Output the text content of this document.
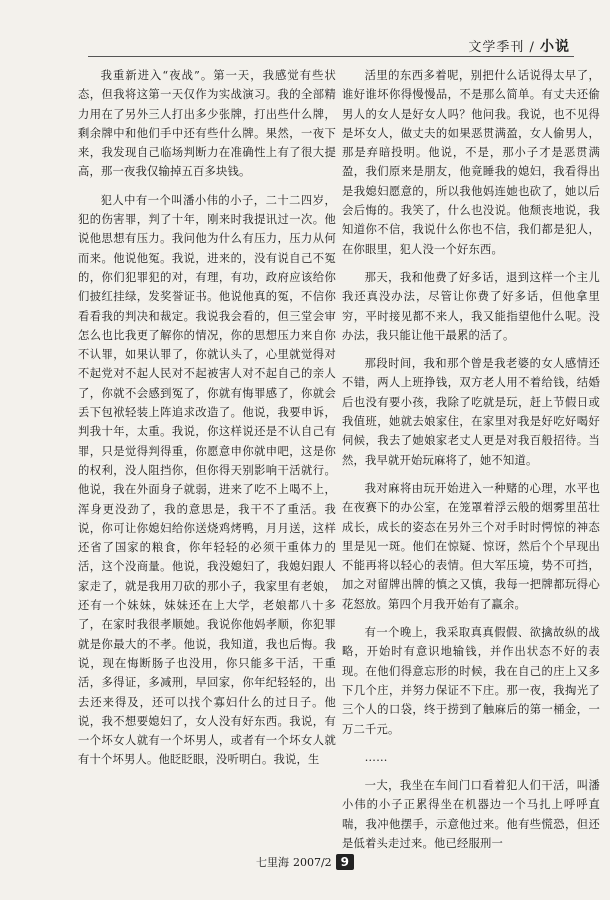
文学季刊 / 小说

我重新进入“夜战”。第一天，我感觉有些状态，但我将这第一天仅作为实战演习。我的全部精力用在了另外三人打出多少张牌，打出些什么牌，剩余牌中和他们手中还有些什么牌。果然，一夜下来，我发现自己临场判断力在准确性上有了很大提高，那一夜我仅输掉五百多块钱。

犯人中有一个叫潘小伟的小子，二十二四岁，犯的伤害罪，判了十年，刚来时我提讯过一次。他说他思想有压力。我问他为什么有压力，压力从何而来。他说他冤。我说，进来的，没有说自己不冤的，你们犯罪犯的对，有理，有功，政府应该给你们披红挂绿，发奖誉证书。他说他真的冤，不信你看看我的判决和裁定。我说我会看的，但三堂会审怎么也比我更了解你的情况，你的思想压力来自你不认罪，如果认罪了，你就认头了，心里就觉得对不起党对不起人民对不起被害人对不起自己的亲人了，你就不会感到冤了，你就有悔罪感了，你就会丢下包袱轻装上阵追求改造了。他说，我要申诉，判我十年，太重。我说，你这样说还是不认自己有罪，只是觉得判得重，你愿意申你就申吧，这是你的权利，没人阻挡你，但你得天别影响干活就行。他说，我在外面身子就弱，进来了吃不上喝不上，浑身更没劲了，我的意思是，我干不了重活。我说，你可让你媳妇给你送烧鸡烤鸭，月月送，这样还省了国家的粮食，你年轻轻的必须干重体力的活，这个没商量。他说，我没媳妇了，我媳妇跟人家走了，就是我用刀砍的那小子，我家里有老娘，还有一个妹妹，妹妹还在上大学，老娘都八十多了，在家时我很孝顺她。我说你他妈孝顺，你犯罪就是你最大的不孝。他说，我知道，我也后悔。我说，现在悔断肠子也没用，你只能多干活，干重活，多得证，多减刑，早回家，你年纪轻轻的，出去还来得及，还可以找个寡妇什么的过日子。他说，我不想要媳妇了，女人没有好东西。我说，有一个坏女人就有一个坏男人，或者有一个坏女人就有十个坏男人。他眨眨眼，没听明白。我说，生

活里的东西多着呢，别把什么话说得太早了，谁好谁坏你得慢慢品，不是那么简单。有丈夫还偷男人的女人是好女人吗？他问我。我说，也不见得是坏女人，做丈夫的如果恶贯满盈，女人偷男人，那是弃暗投明。他说，不是，那小子才是恶贯满盈，我们原来是朋友，他竟睡我的媳妇，我看得出是我媳妇愿意的，所以我他妈连她也砍了，她以后会后悔的。我笑了，什么也没说。他颓丧地说，我知道你不信，我说什么你也不信，我们都是犯人，在你眼里，犯人没一个好东西。

那天，我和他费了好多话，退到这样一个主儿我还真没办法，尽管让你费了好多话，但他拿里穷，平时接见都不来人，我又能指望他什么呢。没办法，我只能让他干最累的活了。

那段时间，我和那个曾是我老婆的女人感情还不错，两人上班挣钱，双方老人用不着给钱，结婚后也没有要小孩，我除了吃就是玩，赶上节假日或我值班，她就去娘家住，在家里对我是好吃好喝好伺候，我去了她娘家老丈人更是对我百般招待。当然，我早就开始玩麻将了，她不知道。

我对麻将由玩开始进入一种赌的心理，水平也在夜赛下的办公室，在笼罩着浮云般的烟雾里茁壮成长，成长的姿态在另外三个对手时时愕惊的神态里是见一斑。他们在惊疑、惊讶，然后个个早现出不能再将以轻心的表情。但大军压境，势不可挡，加之对留牌出牌的慎之又慎，我每一把牌都玩得心花怒放。第四个月我开始有了赢余。

有一个晚上，我采取真真假假、欲擒故纵的战略，开始时有意识地输钱，并作出状态不好的表现。在他们得意忘形的时候，我在自己的庄上又多下几个庄，并努力保证不下庄。那一夜，我掏光了三个人的口袋，终于捞到了触麻后的第一桶金，一万二千元。

……

一大，我坐在车间门口看着犯人们干活，叫潘小伟的小子正累得坐在机器边一个马扎上呼呼直喘，我冲他摆手，示意他过来。他有些慌恐，但还是低着头走过来。他已经服刑一

七里海 2007/2 9
